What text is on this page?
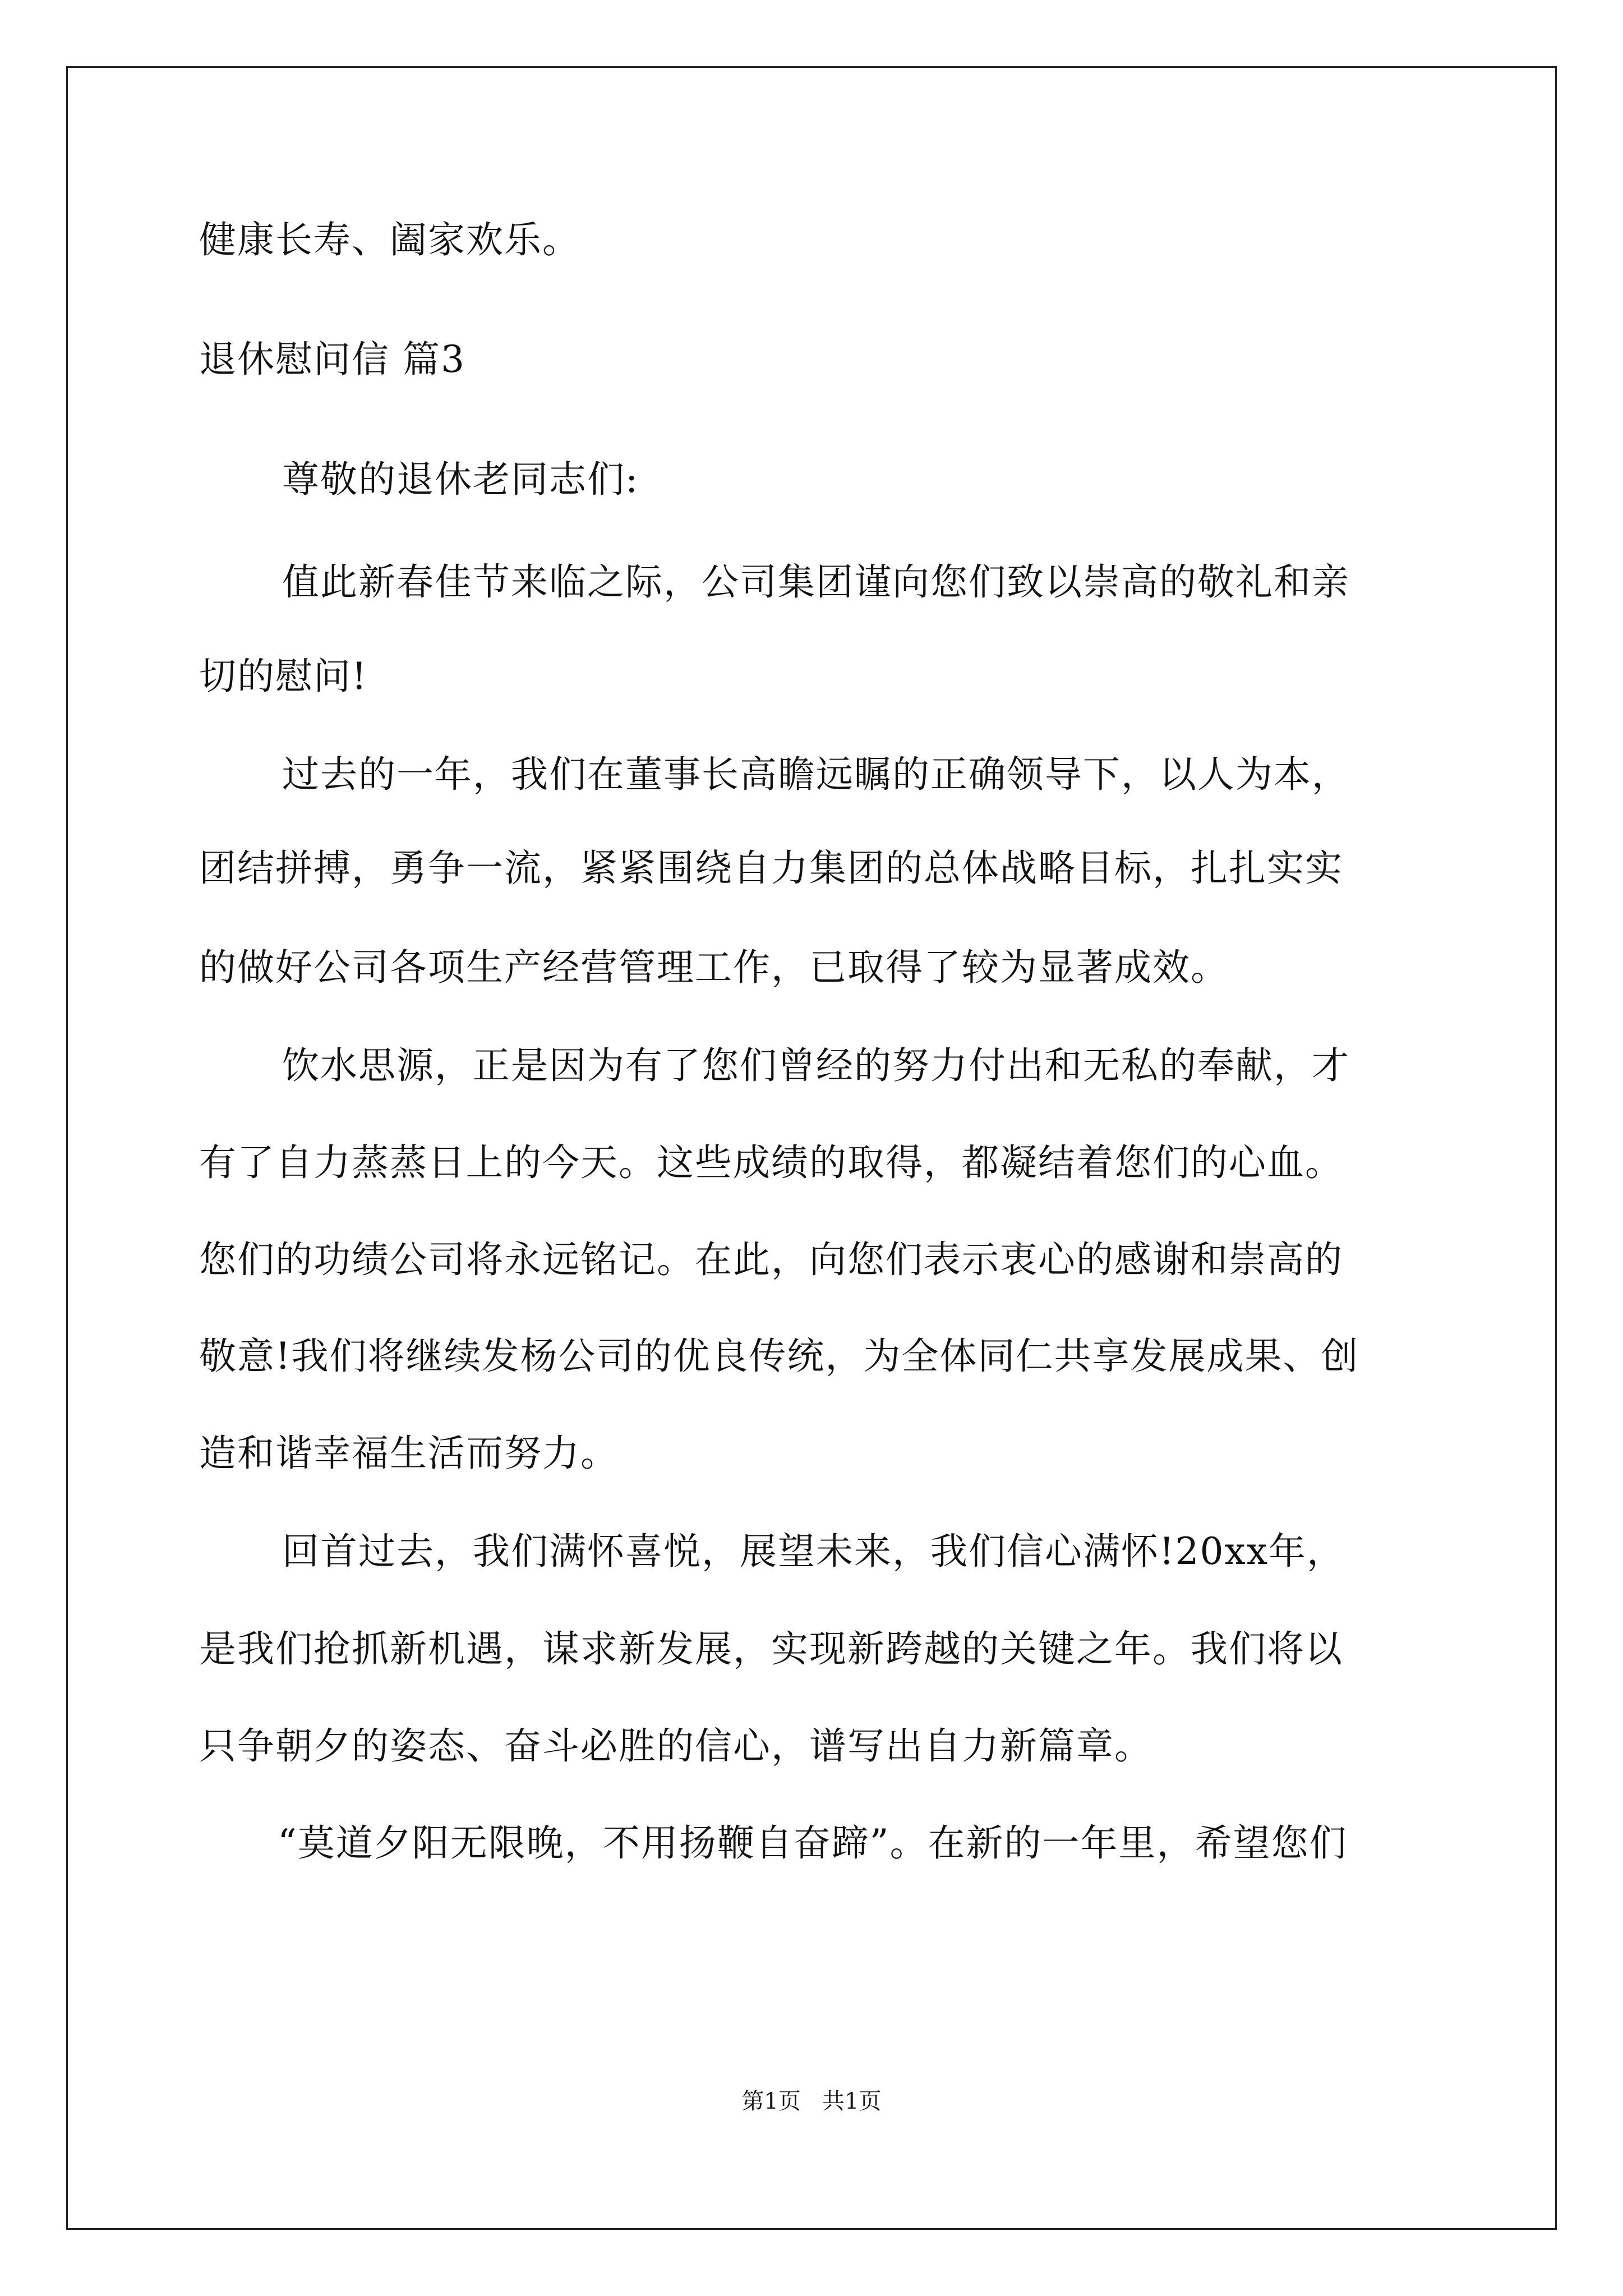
健康长寿、阖家欢乐。
退休慰问信 篇3
尊敬的退休老同志们:
值此新春佳节来临之际，公司集团谨向您们致以崇高的敬礼和亲
切的慰问!
过去的一年，我们在董事长高瞻远瞩的正确领导下，以人为本，
团结拼搏，勇争一流，紧紧围绕自力集团的总体战略目标，扎扎实实
的做好公司各项生产经营管理工作，已取得了较为显著成效。
饮水思源，正是因为有了您们曾经的努力付出和无私的奉献，才
有了自力蒸蒸日上的今天。这些成绩的取得，都凝结着您们的心血。
您们的功绩公司将永远铭记。在此，向您们表示衷心的感谢和崇高的
敬意!我们将继续发杨公司的优良传统，为全体同仁共享发展成果、创
造和谐幸福生活而努力。
回首过去，我们满怀喜悦，展望未来，我们信心满怀!20xx年，
是我们抢抓新机遇，谋求新发展，实现新跨越的关键之年。我们将以
只争朝夕的姿态、奋斗必胜的信心，谱写出自力新篇章。
“莫道夕阳无限晚，不用扬鞭自奋蹄”。在新的一年里，希望您们
第1页   共1页
